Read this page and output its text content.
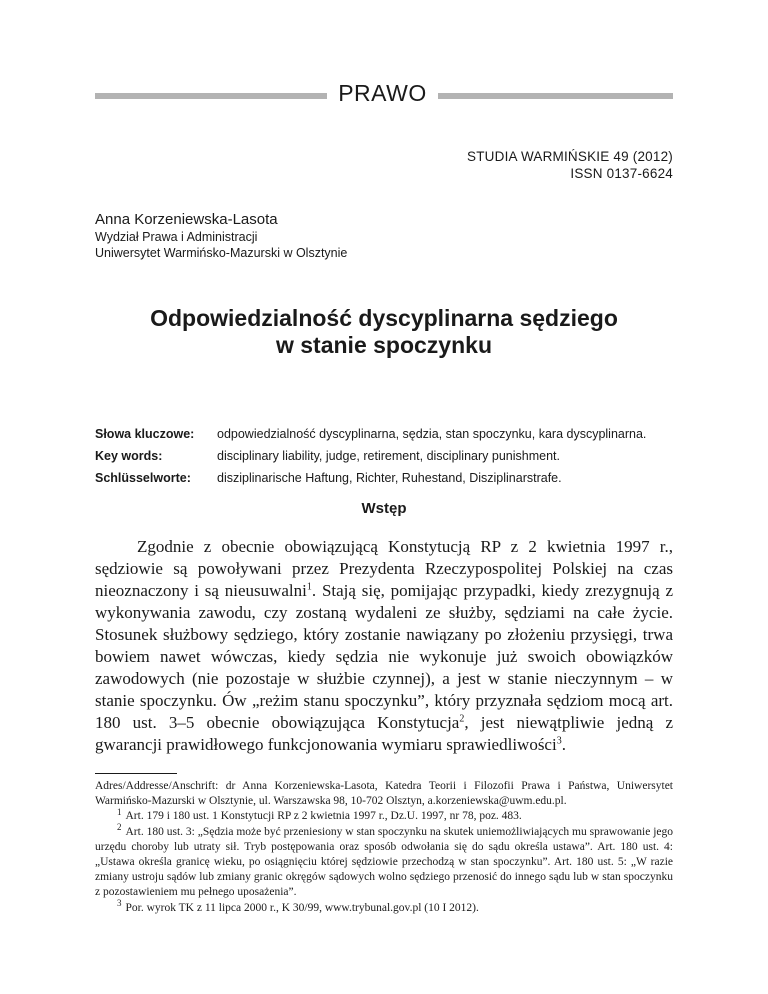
PRAWO
STUDIA WARMIŃSKIE 49 (2012)
ISSN 0137-6624
Anna Korzeniewska-Lasota
Wydział Prawa i Administracji
Uniwersytet Warmińsko-Mazurski w Olsztynie
Odpowiedzialność dyscyplinarna sędziego
w stanie spoczynku
Słowa kluczowe:	odpowiedzialność dyscyplinarna, sędzia, stan spoczynku, kara dyscyplinarna.
Key words:	disciplinary liability, judge, retirement, disciplinary punishment.
Schlüsselworte:	disziplinarische Haftung, Richter, Ruhestand, Disziplinarstrafe.
Wstęp

Zgodnie z obecnie obowiązującą Konstytucją RP z 2 kwietnia 1997 r., sędziowie są powoływani przez Prezydenta Rzeczypospolitej Polskiej na czas nieoznaczony i są nieusuwalni$^1$. Stają się, pomijając przypadki, kiedy zrezygnują z wykonywania zawodu, czy zostaną wydaleni ze służby, sędziami na całe życie. Stosunek służbowy sędziego, który zostanie nawiązany po złożeniu przysięgi, trwa bowiem nawet wówczas, kiedy sędzia nie wykonuje już swoich obowiązków zawodowych (nie pozostaje w służbie czynnej), a jest w stanie nieczynnym – w stanie spoczynku. Ów „reżim stanu spoczynku”, który przyznała sędziom mocą art. 180 ust. 3–5 obecnie obowiązująca Konstytucja$^2$, jest niewątpliwie jedną z gwarancji prawidłowego funkcjonowania wymiaru sprawiedliwości$^3$.

Adres/Addresse/Anschrift: dr Anna Korzeniewska-Lasota, Katedra Teorii i Filozofii Prawa i Państwa, Uniwersytet Warmińsko-Mazurski w Olsztynie, ul. Warszawska 98, 10-702 Olsztyn, a.korzeniewska@uwm.edu.pl.

$^1$ Art. 179 i 180 ust. 1 Konstytucji RP z 2 kwietnia 1997 r., Dz.U. 1997, nr 78, poz. 483.

$^2$ Art. 180 ust. 3: „Sędzia może być przeniesiony w stan spoczynku na skutek uniemożliwiających mu sprawowanie jego urzędu choroby lub utraty sił. Tryb postępowania oraz sposób odwołania się do sądu określa ustawa”. Art. 180 ust. 4: „Ustawa określa granicę wieku, po osiągnięciu której sędziowie przechodzą w stan spoczynku”. Art. 180 ust. 5: „W razie zmiany ustroju sądów lub zmiany granic okręgów sądowych wolno sędziego przenosić do innego sądu lub w stan spoczynku z pozostawieniem mu pełnego uposażenia”.

$^3$ Por. wyrok TK z 11 lipca 2000 r., K 30/99, www.trybunal.gov.pl (10 I 2012).
